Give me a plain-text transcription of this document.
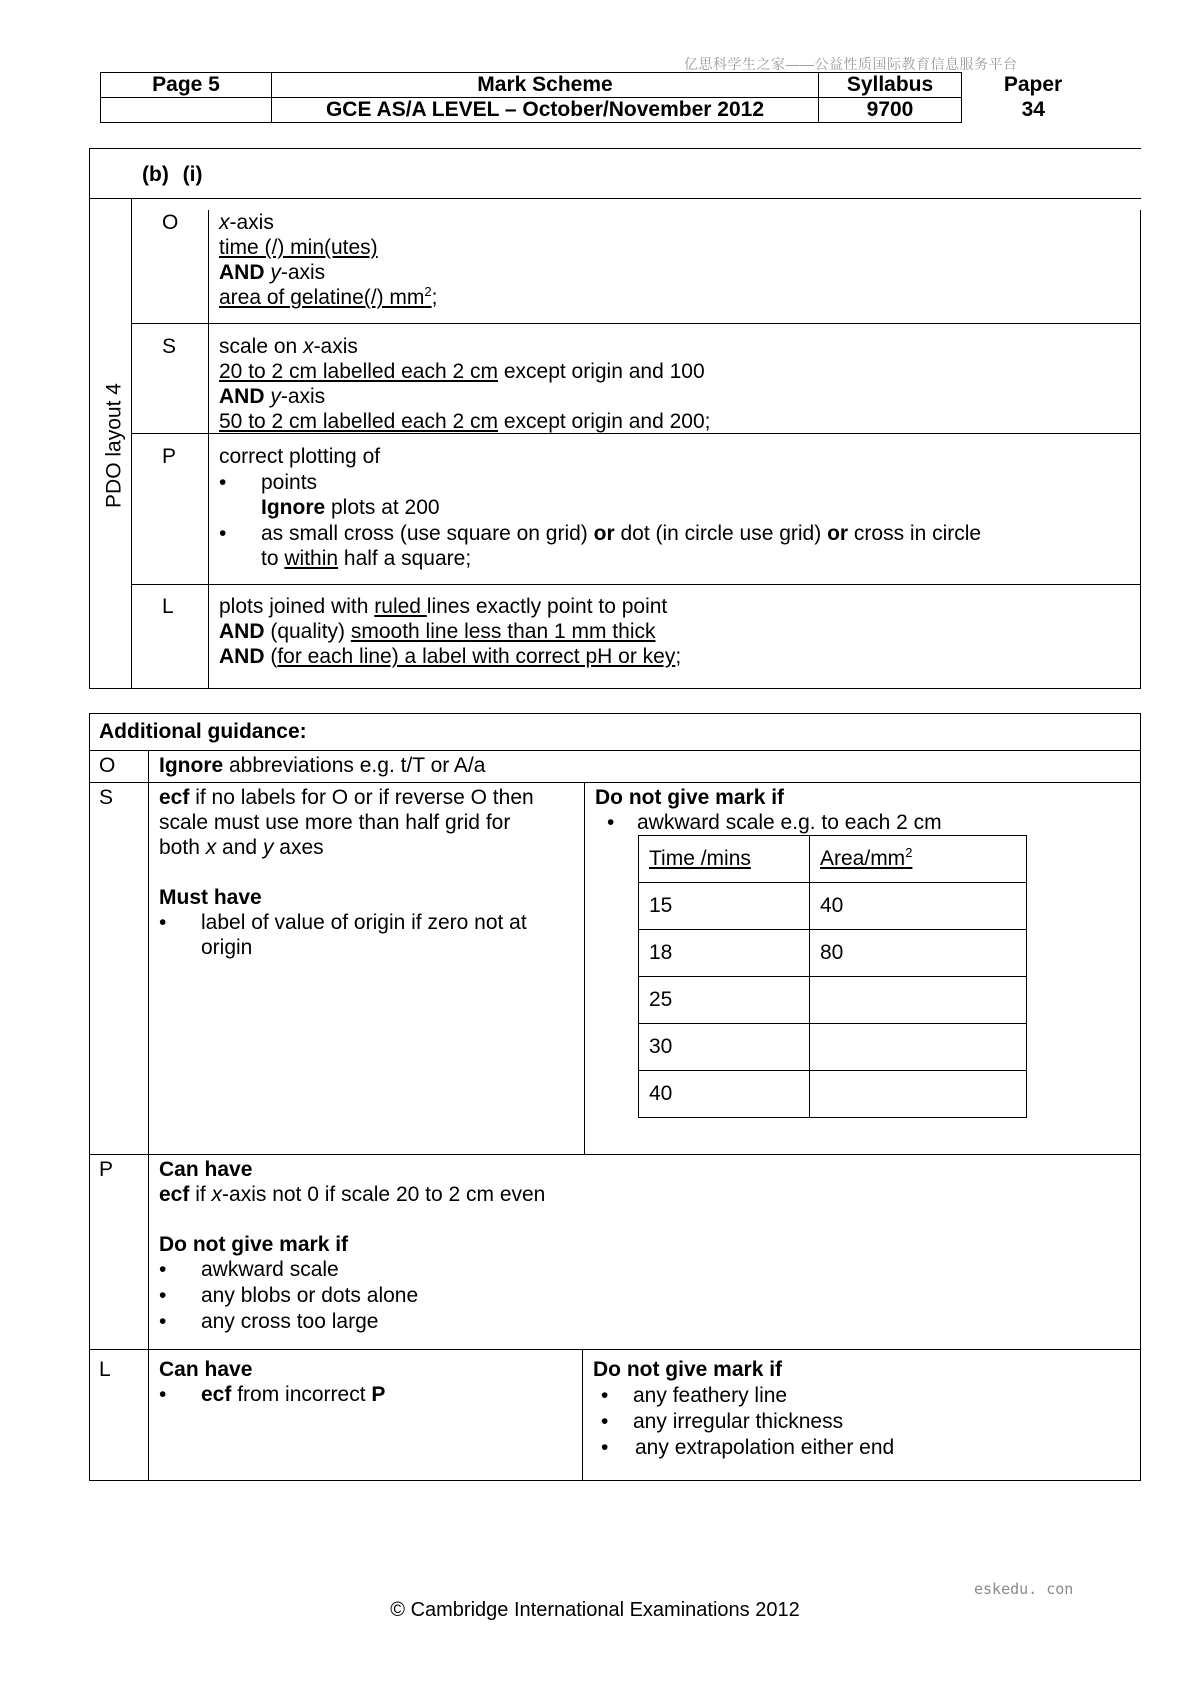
亿思科学生之家——公益性质国际教育信息服务平台
Page 5	Mark Scheme	Syllabus	Paper
	GCE AS/A LEVEL – October/November 2012	9700	34
(b) (i)
PDO layout 4
O x-axis
time (/) min(utes)
AND y-axis
area of gelatine(/) $mm^2$;
S scale on x-axis
20 to 2 cm labelled each 2 cm except origin and 100
AND y-axis
50 to 2 cm labelled each 2 cm except origin and 200;
P correct plotting of
• points
Ignore plots at 200
• as small cross (use square on grid) or dot (in circle use grid) or cross in circle
to within half a square;
L plots joined with ruled lines exactly point to point
AND (quality) smooth line less than 1 mm thick
AND (for each line) a label with correct pH or key;
Additional guidance:
O Ignore abbreviations e.g. t/T or A/a
S ecf if no labels for O or if reverse O then
scale must use more than half grid for
both x and y axes
Must have
• label of value of origin if zero not at
origin
Do not give mark if
• awkward scale e.g. to each 2 cm
Time /mins	Area/$mm^2$
15	40
18	80
25	
30	
40	
P Can have
ecf if x-axis not 0 if scale 20 to 2 cm even
Do not give mark if
• awkward scale
• any blobs or dots alone
• any cross too large
L Can have
• ecf from incorrect P
Do not give mark if
• any feathery line
• any irregular thickness
• any extrapolation either end
eskedu. con
© Cambridge International Examinations 2012
